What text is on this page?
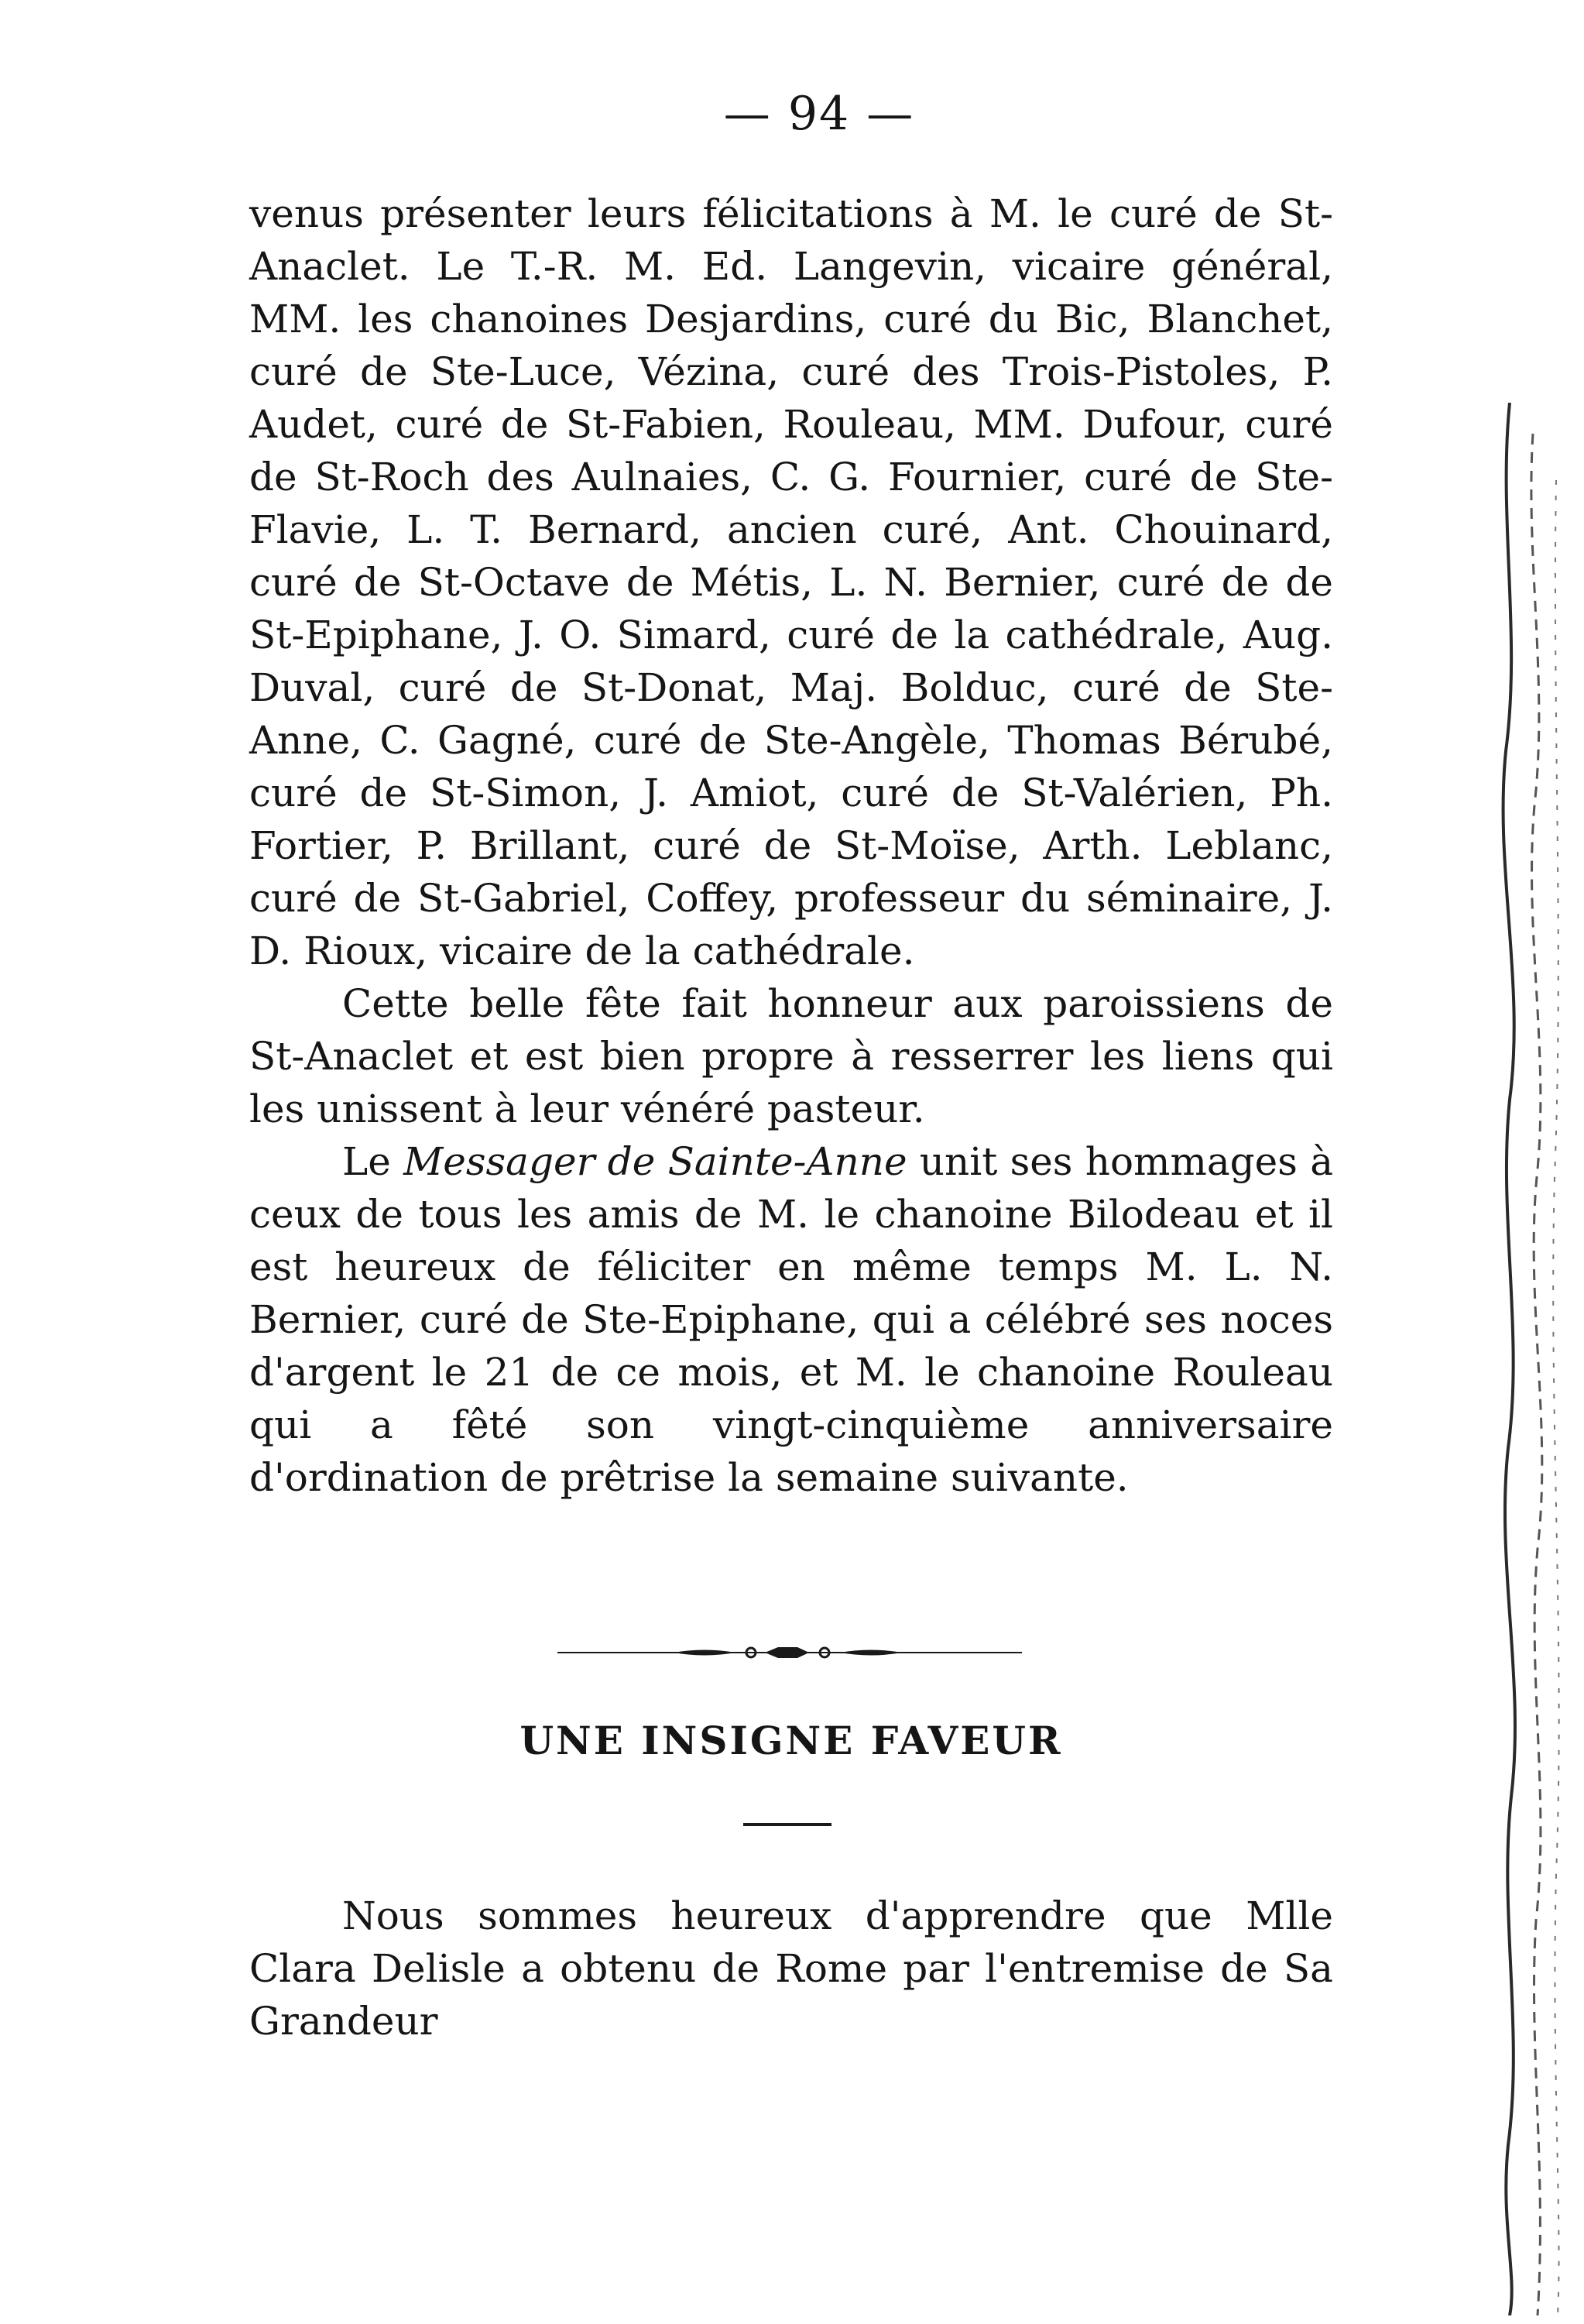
— 94 —

venus présenter leurs félicitations à M. le curé de St-Anaclet. Le T.-R. M. Ed. Langevin, vicaire général, MM. les chanoines Desjardins, curé du Bic, Blanchet, curé de Ste-Luce, Vézina, curé des Trois-Pistoles, P. Audet, curé de St-Fabien, Rouleau, MM. Dufour, curé de St-Roch des Aulnaies, C. G. Fournier, curé de Ste-Flavie, L. T. Bernard, ancien curé, Ant. Chouinard, curé de St-Octave de Métis, L. N. Bernier, curé de de St-Epiphane, J. O. Simard, curé de la cathédrale, Aug. Duval, curé de St-Donat, Maj. Bolduc, curé de Ste-Anne, C. Gagné, curé de Ste-Angèle, Thomas Bérubé, curé de St-Simon, J. Amiot, curé de St-Valérien, Ph. Fortier, P. Brillant, curé de St-Moïse, Arth. Leblanc, curé de St-Gabriel, Coffey, professeur du séminaire, J. D. Rioux, vicaire de la cathédrale.

Cette belle fête fait honneur aux paroissiens de St-Anaclet et est bien propre à resserrer les liens qui les unissent à leur vénéré pasteur.

Le Messager de Sainte-Anne unit ses hommages à ceux de tous les amis de M. le chanoine Bilodeau et il est heureux de féliciter en même temps M. L. N. Bernier, curé de Ste-Epiphane, qui a célébré ses noces d'argent le 21 de ce mois, et M. le chanoine Rouleau qui a fêté son vingt-cinquième anniversaire d'ordination de prêtrise la semaine suivante.

UNE INSIGNE FAVEUR

Nous sommes heureux d'apprendre que Mlle Clara Delisle a obtenu de Rome par l'entremise de Sa Grandeur
